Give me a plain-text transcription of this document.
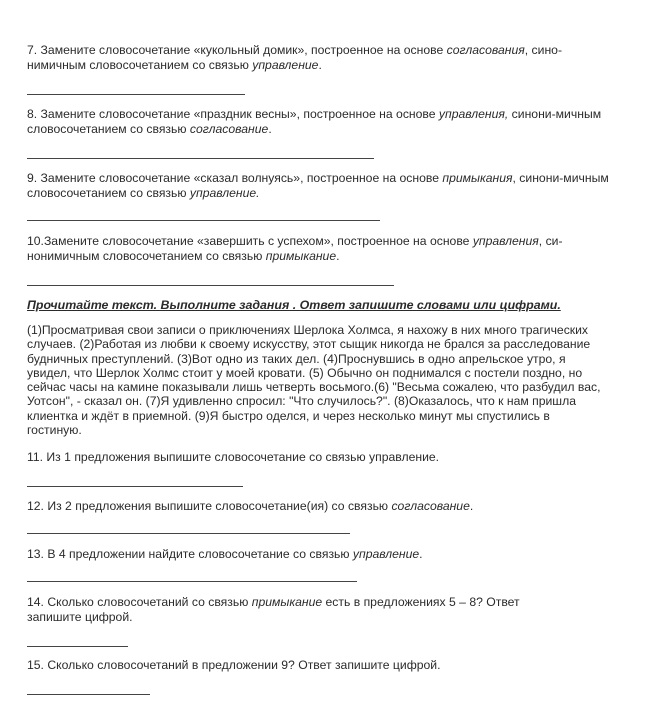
7. Замените словосочетание «кукольный домик», построенное на основе согласования, сино-нимичным словосочетанием со связью управление.

8. Замените словосочетание «праздник весны», построенное на основе управления, синони-мичным словосочетанием со связью согласование.

9. Замените словосочетание «сказал волнуясь», построенное на основе примыкания, синони-мичным словосочетанием со связью управление.

10.Замените словосочетание «завершить с успехом», построенное на основе управления, си-нонимичным словосочетанием со связью примыкание.

Прочитайте текст. Выполните задания . Ответ запишите словами или цифрами.
(1)Просматривая свои записи о приключениях Шерлока Холмса, я нахожу в них много трагических случаев. (2)Работая из любви к своему искусству, этот сыщик никогда не брался за расследование будничных преступлений. (3)Вот одно из таких дел. (4)Проснувшись в одно апрельское утро, я увидел, что Шерлок Холмс стоит у моей кровати. (5) Обычно он поднимался с постели поздно, но сейчас часы на камине показывали лишь четверть восьмого.(6) "Весьма сожалею, что разбудил вас, Уотсон", - сказал он. (7)Я удивленно спросил: "Что случилось?". (8)Оказалось, что к нам пришла клиентка и ждёт в приемной. (9)Я быстро оделся, и через несколько минут мы спустились в гостиную.
11. Из 1 предложения выпишите словосочетание со связью управление.
12. Из 2 предложения выпишите словосочетание(ия) со связью согласование.
13. В 4 предложении найдите словосочетание со связью управление.
14. Сколько словосочетаний со связью примыкание есть в предложениях 5 – 8? Ответ запишите цифрой.
15. Сколько словосочетаний в предложении 9? Ответ запишите цифрой.
